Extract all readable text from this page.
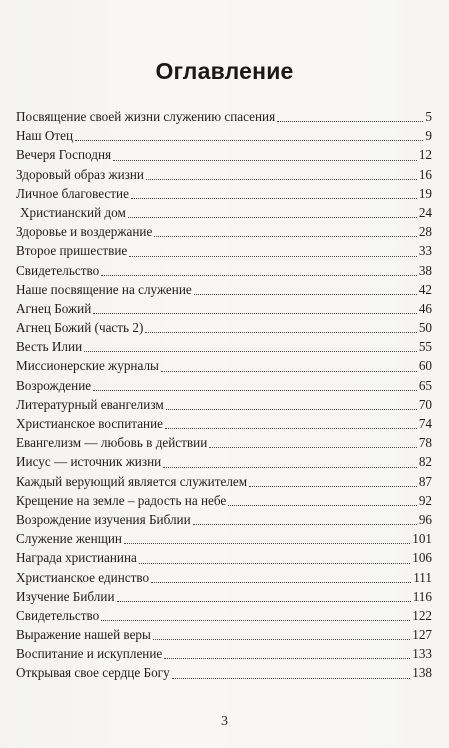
Оглавление
Посвящение своей жизни служению спасения	5
Наш Отец	9
Вечеря Господня	12
Здоровый образ жизни	16
Личное благовестие	19
Христианский дом	24
Здоровье и воздержание	28
Второе пришествие	33
Свидетельство	38
Наше посвящение на служение	42
Агнец Божий	46
Агнец Божий (часть 2)	50
Весть Илии	55
Миссионерские журналы	60
Возрождение	65
Литературный евангелизм	70
Христианское воспитание	74
Евангелизм — любовь в действии	78
Иисус — источник жизни	82
Каждый верующий является служителем	87
Крещение на земле – радость на небе	92
Возрождение изучения Библии	96
Служение женщин	101
Награда христианина	106
Христианское единство	111
Изучение Библии	116
Свидетельство	122
Выражение нашей веры	127
Воспитание и искупление	133
Открывая свое сердце Богу	138
3
